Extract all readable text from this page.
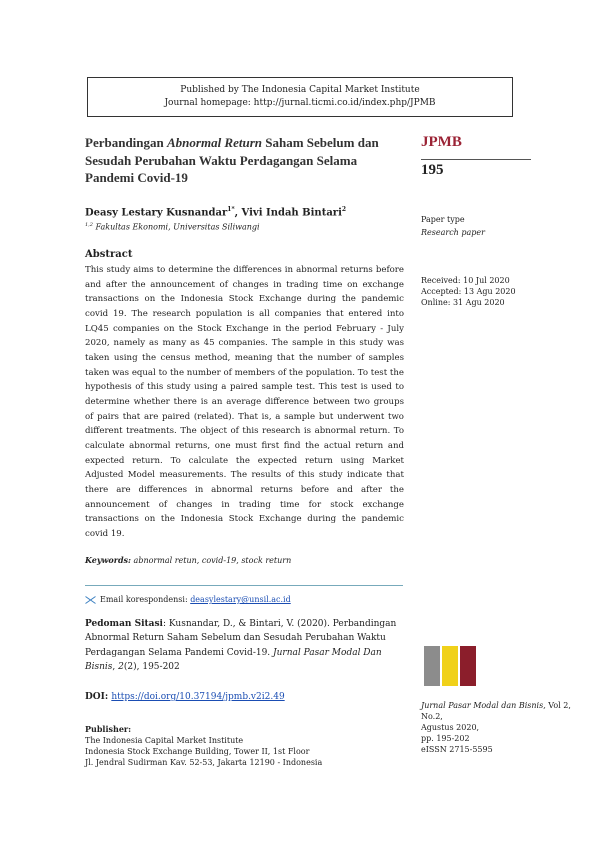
Published by The Indonesia Capital Market Institute
Journal homepage: http://jurnal.ticmi.co.id/index.php/JPMB
Perbandingan Abnormal Return Saham Sebelum dan Sesudah Perubahan Waktu Perdagangan Selama Pandemi Covid-19
JPMB
195
Deasy Lestary Kusnandar$^{1*}$, Vivi Indah Bintari$^2$
$^{1,2}$ Fakultas Ekonomi, Universitas Siliwangi
Paper type
Research paper
Abstract
This study aims to determine the differences in abnormal returns before and after the announcement of changes in trading time on exchange transactions on the Indonesia Stock Exchange during the pandemic covid 19. The research population is all companies that entered into LQ45 companies on the Stock Exchange in the period February - July 2020, namely as many as 45 companies. The sample in this study was taken using the census method, meaning that the number of samples taken was equal to the number of members of the population. To test the hypothesis of this study using a paired sample test. This test is used to determine whether there is an average difference between two groups of pairs that are paired (related). That is, a sample but underwent two different treatments. The object of this research is abnormal return. To calculate abnormal returns, one must first find the actual return and expected return. To calculate the expected return using Market Adjusted Model measurements. The results of this study indicate that there are differences in abnormal returns before and after the announcement of changes in trading time for stock exchange transactions on the Indonesia Stock Exchange during the pandemic covid 19.
Received: 10 Jul 2020
Accepted: 13 Agu 2020
Online: 31 Agu 2020
Keywords: abnormal retun, covid-19, stock return
Email korespondensi: deasylestary@unsil.ac.id
Pedoman Sitasi: Kusnandar, D., & Bintari, V. (2020). Perbandingan Abnormal Return Saham Sebelum dan Sesudah Perubahan Waktu Perdagangan Selama Pandemi Covid-19. Jurnal Pasar Modal Dan Bisnis, 2(2), 195-202
DOI: https://doi.org/10.37194/jpmb.v2i2.49
Publisher:
The Indonesia Capital Market Institute
Indonesia Stock Exchange Building, Tower II, 1st Floor
Jl. Jendral Sudirman Kav. 52-53, Jakarta 12190 - Indonesia
Jurnal Pasar Modal dan Bisnis, Vol 2, No.2,
Agustus 2020,
pp. 195-202
eISSN 2715-5595
